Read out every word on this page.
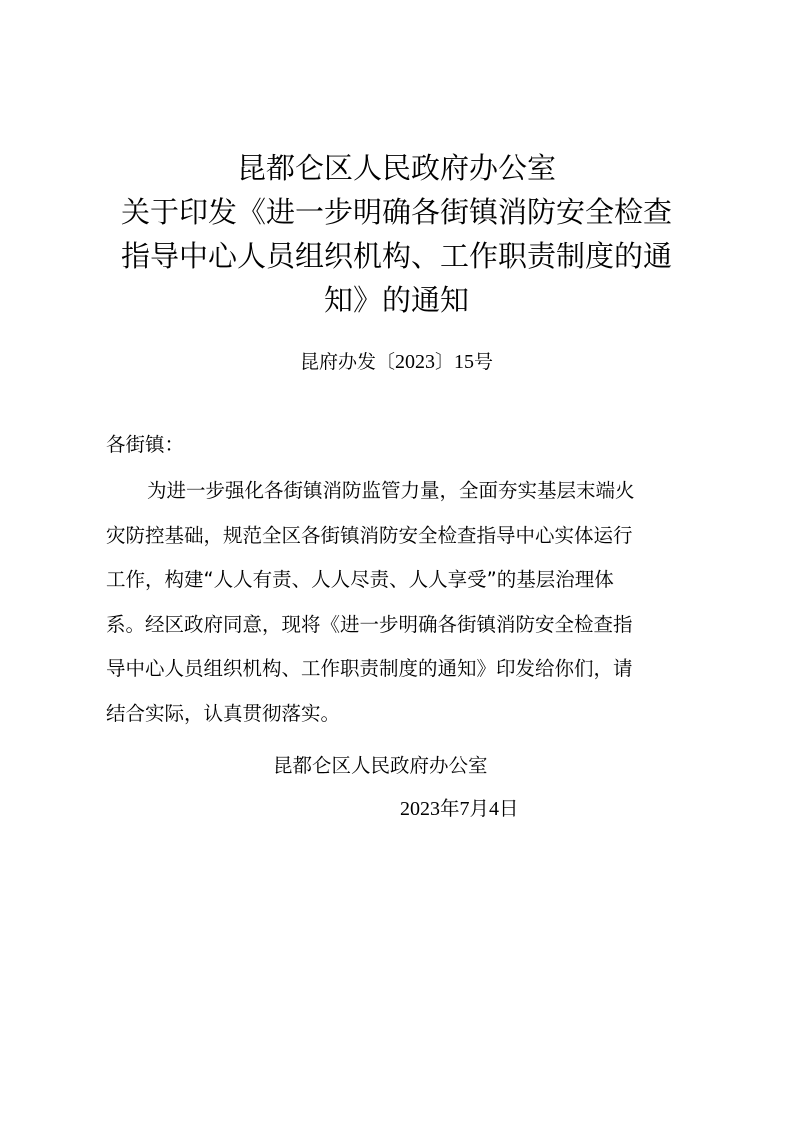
昆都仑区人民政府办公室
关于印发《进一步明确各街镇消防安全检查
指导中心人员组织机构、工作职责制度的通
知》的通知
昆府办发〔2023〕15号
各街镇：
为进一步强化各街镇消防监管力量，全面夯实基层末端火
灾防控基础，规范全区各街镇消防安全检查指导中心实体运行
工作，构建“人人有责、人人尽责、人人享受”的基层治理体
系。经区政府同意，现将《进一步明确各街镇消防安全检查指
导中心人员组织机构、工作职责制度的通知》印发给你们，请
结合实际，认真贯彻落实。
昆都仑区人民政府办公室
2023年7月4日
